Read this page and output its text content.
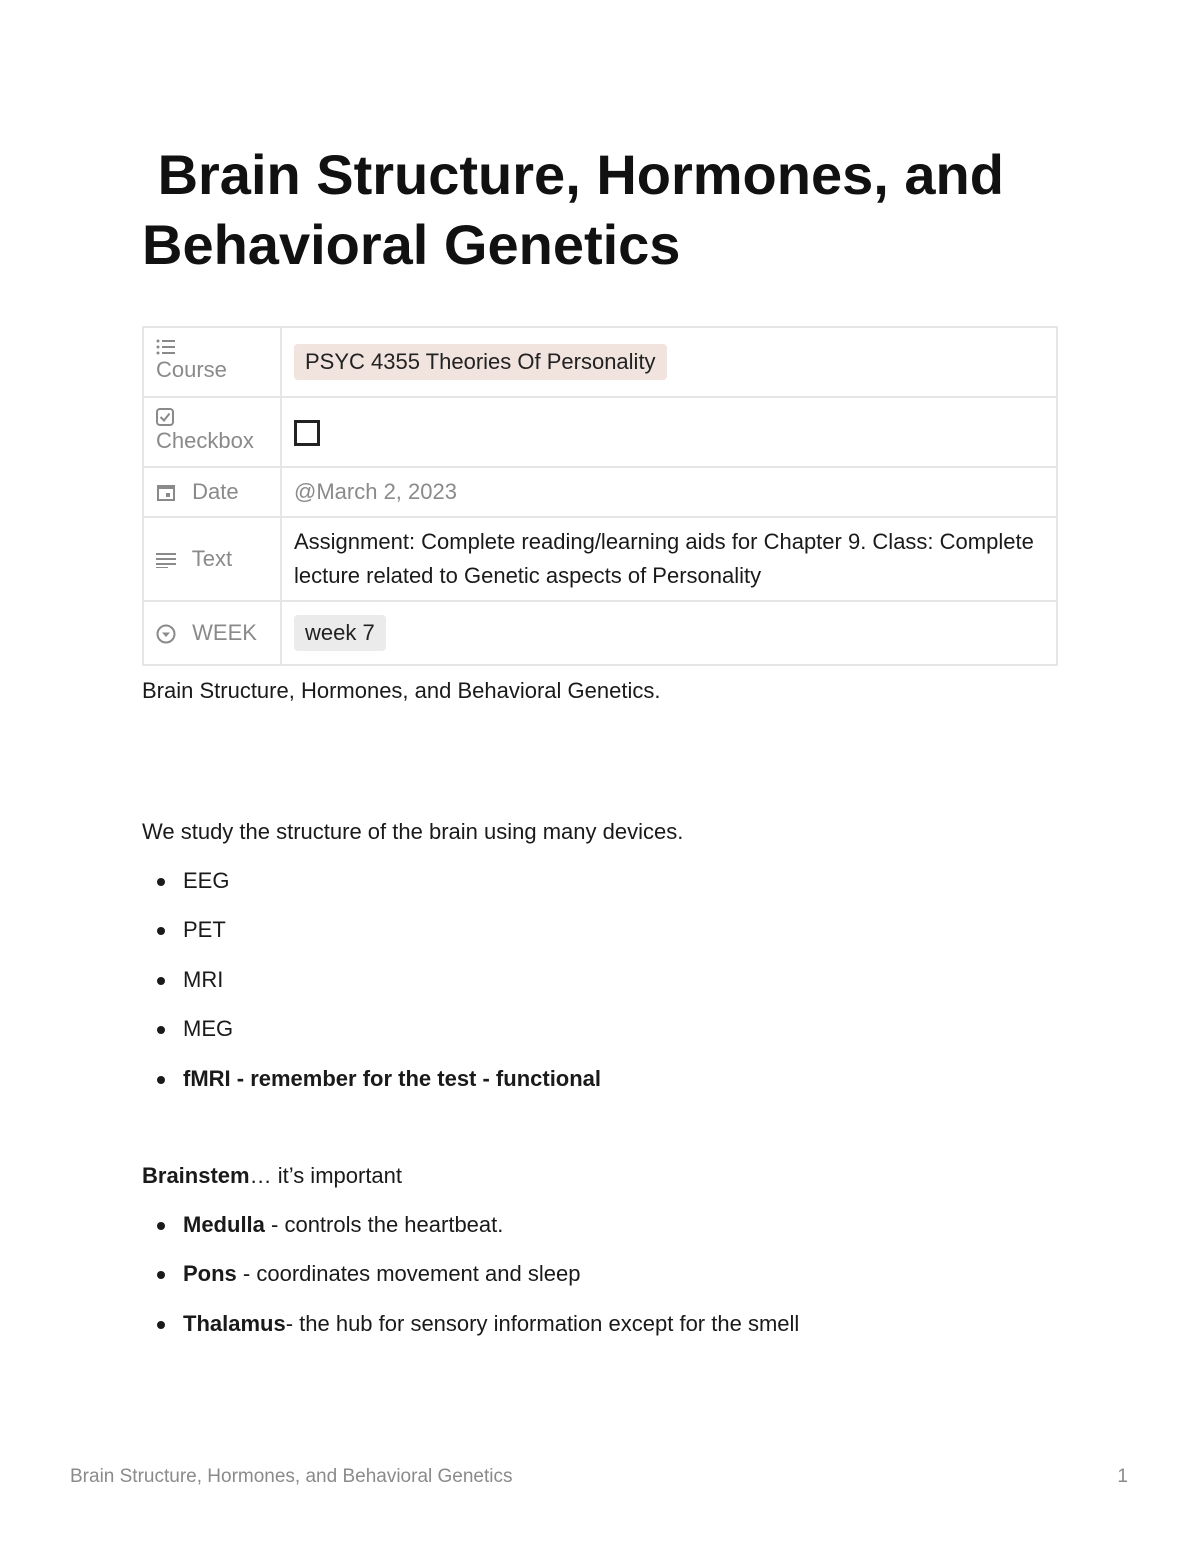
Brain Structure, Hormones, and
Behavioral Genetics
Course	PSYC 4355 Theories Of Personality

Checkbox	
Date	@March 2, 2023
Text	Assignment: Complete reading/learning aids for Chapter 9. Class: Complete lecture related to Genetic aspects of Personality
WEEK	week 7

Brain Structure, Hormones, and Behavioral Genetics.

We study the structure of the brain using many devices.

EEG
PET
MRI
MEG
fMRI - remember for the test - functional

Brainstem… it’s important

Medulla - controls the heartbeat.
Pons - coordinates movement and sleep
Thalamus- the hub for sensory information except for the smell
Brain Structure, Hormones, and Behavioral Genetics	1
